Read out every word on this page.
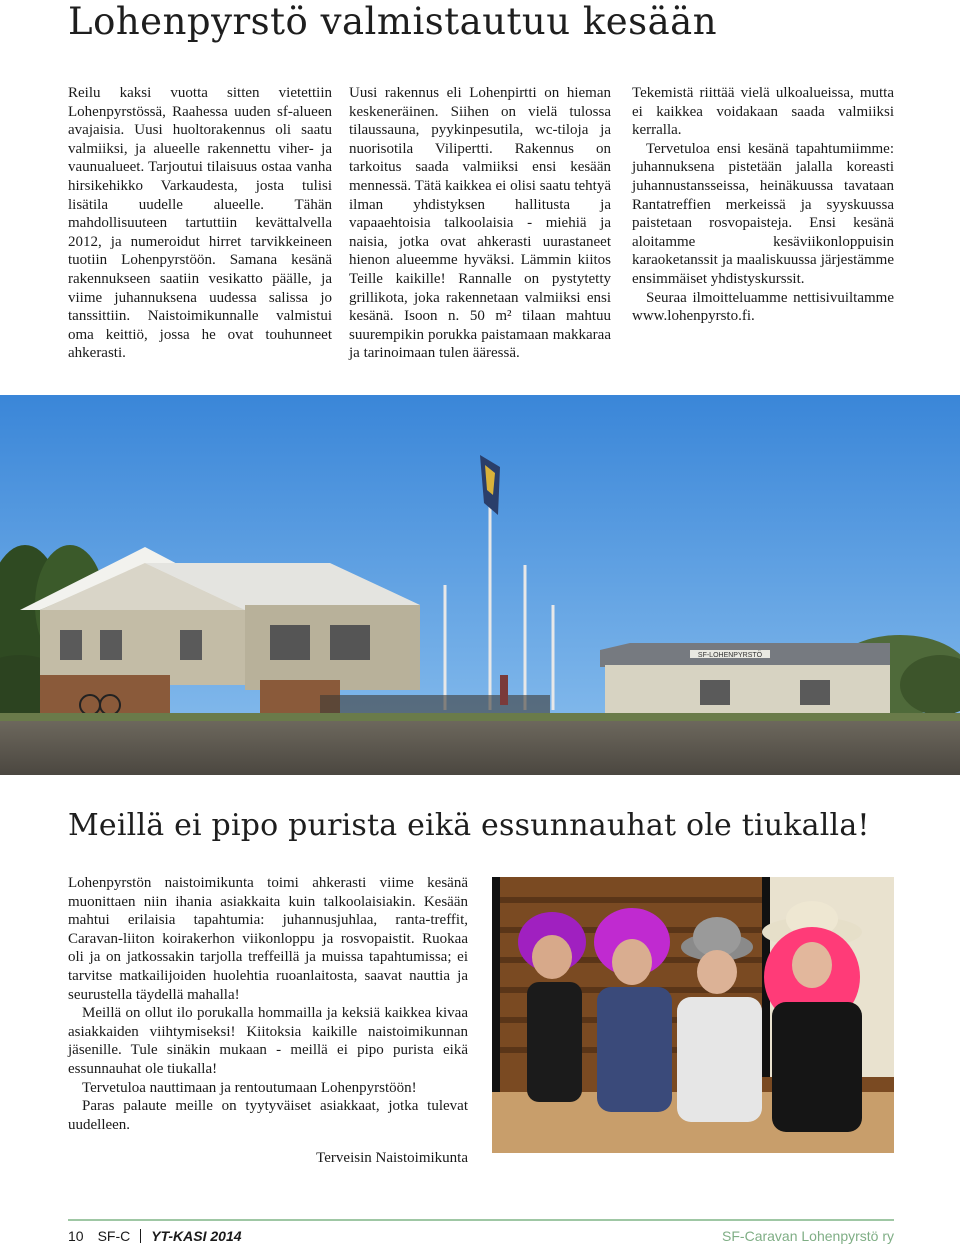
Lohenpyrstö valmistautuu kesään

Reilu kaksi vuotta sitten vietettiin Lohenpyrstössä, Raahessa uuden sf-alueen avajaisia. Uusi huoltorakennus oli saatu valmiiksi, ja alueelle rakennettu viher- ja vaunualueet. Tarjoutui tilaisuus ostaa vanha hirsikehikko Varkaudesta, josta tulisi lisätila uudelle alueelle. Tähän mahdollisuuteen tartuttiin kevättalvella 2012, ja numeroidut hirret tarvikkeineen tuotiin Lohenpyrstöön. Samana kesänä rakennukseen saatiin vesikatto päälle, ja viime juhannuksena uudessa salissa jo tanssittiin. Naistoimikunnalle valmistui oma keittiö, jossa he ovat touhunneet ahkerasti.

Uusi rakennus eli Lohenpirtti on hieman keskeneräinen. Siihen on vielä tulossa tilaussauna, pyykinpesutila, wc-tiloja ja nuorisotila Vilipertti. Rakennus on tarkoitus saada valmiiksi ensi kesään mennessä. Tätä kaikkea ei olisi saatu tehtyä ilman yhdistyksen hallitusta ja vapaaehtoisia talkoolaisia - miehiä ja naisia, jotka ovat ahkerasti uurastaneet hienon alueemme hyväksi. Lämmin kiitos Teille kaikille! Rannalle on pystytetty grillikota, joka rakennetaan valmiiksi ensi kesänä. Isoon n. 50 m² tilaan mahtuu suurempikin porukka paistamaan makkaraa ja tarinoimaan tulen ääressä.

Tekemistä riittää vielä ulkoalueissa, mutta ei kaikkea voidakaan saada valmiiksi kerralla.

Tervetuloa ensi kesänä tapahtumiimme: juhannuksena pistetään jalalla koreasti juhannustansseissa, heinäkuussa tavataan Rantatreffien merkeissä ja syyskuussa paistetaan rosvopaisteja. Ensi kesänä aloitamme kesäviikonloppuisin karaoketanssit ja maaliskuussa järjestämme ensimmäiset yhdistyskurssit.

Seuraa ilmoitteluamme nettisivuiltamme www.lohenpyrsto.fi.

SF-LOHENPYRSTÖ
Meillä ei pipo purista eikä essunnauhat ole tiukalla!

Lohenpyrstön naistoimikunta toimi ahkerasti viime kesänä muonittaen niin ihania asiakkaita kuin talkoolaisiakin. Kesään mahtui erilaisia tapahtumia: juhannusjuhlaa, ranta-treffit, Caravan-liiton koirakerhon viikonloppu ja rosvopaistit. Ruokaa oli ja on jatkossakin tarjolla treffeillä ja muissa tapahtumissa; ei tarvitse matkailijoiden huolehtia ruoanlaitosta, saavat nauttia ja seurustella täydellä mahalla!

Meillä on ollut ilo porukalla hommailla ja keksiä kaikkea kivaa asiakkaiden viihtymiseksi! Kiitoksia kaikille naistoimikunnan jäsenille. Tule sinäkin mukaan - meillä ei pipo purista eikä essunnauhat ole tiukalla!

Tervetuloa nauttimaan ja rentoutumaan Lohenpyrstöön!

Paras palaute meille on tyytyväiset asiakkaat, jotka tulevat uudelleen.

Terveisin Naistoimikunta
10 SF-C YT-KASI 2014	SF-Caravan Lohenpyrstö ry
